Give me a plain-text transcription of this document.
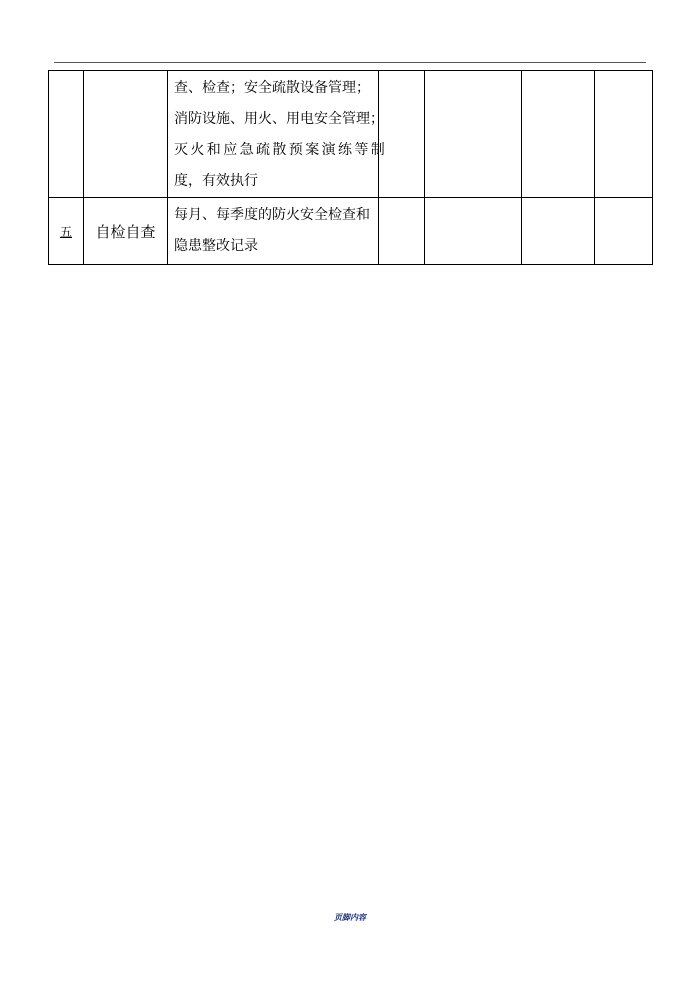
		查、检查；安全疏散设备管理；
消防设施、用火、用电安全管理；
灭火和应急疏散预案演练等制
度，有效执行				

五	自检自查	每月、每季度的防火安全检查和
隐患整改记录				

页脚内容
